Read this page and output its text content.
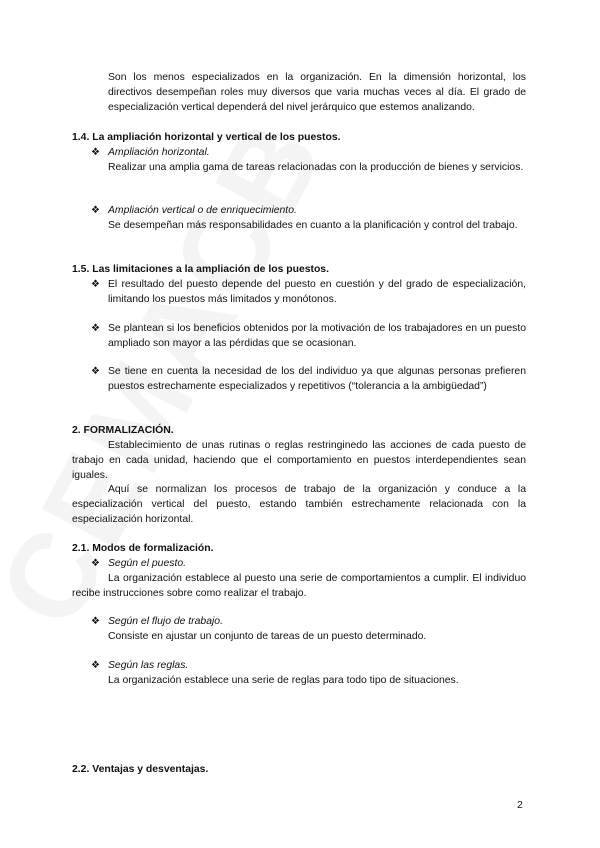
Son los menos especializados en la organización. En la dimensión horizontal, los directivos desempeñan roles muy diversos que varia muchas veces al día. El grado de especialización vertical dependerá del nivel jerárquico que estemos analizando.
1.4. La ampliación horizontal y vertical de los puestos.
❖ Ampliación horizontal.
Realizar una amplia gama de tareas relacionadas con la producción de bienes y servicios.
❖ Ampliación vertical o de enriquecimiento.
Se desempeñan más responsabilidades en cuanto a la planificación y control del trabajo.
1.5. Las limitaciones a la ampliación de los puestos.
❖ El resultado del puesto depende del puesto en cuestión y del grado de especialización, limitando los puestos más limitados y monótonos.
❖ Se plantean si los beneficios obtenidos por la motivación de los trabajadores en un puesto ampliado son mayor a las pérdidas que se ocasionan.
❖ Se tiene en cuenta la necesidad de los del individuo ya que algunas personas prefieren puestos estrechamente especializados y repetitivos (“tolerancia a la ambigüedad”)
2. FORMALIZACIÓN.
Establecimiento de unas rutinas o reglas restringinedo las acciones de cada puesto de trabajo en cada unidad, haciendo que el comportamiento en puestos interdependientes sean iguales.
Aquí se normalizan los procesos de trabajo de la organización y conduce a la especialización vertical del puesto, estando también estrechamente relacionada con la especialización horizontal.
2.1. Modos de formalización.
❖ Según el puesto.
La organización establece al puesto una serie de comportamientos a cumplir. El individuo recibe instrucciones sobre como realizar el trabajo.
❖ Según el flujo de trabajo.
Consiste en ajustar un conjunto de tareas de un puesto determinado.
❖ Según las reglas.
La organización establece una serie de reglas para todo tipo de situaciones.
2.2. Ventajas y desventajas.
2
